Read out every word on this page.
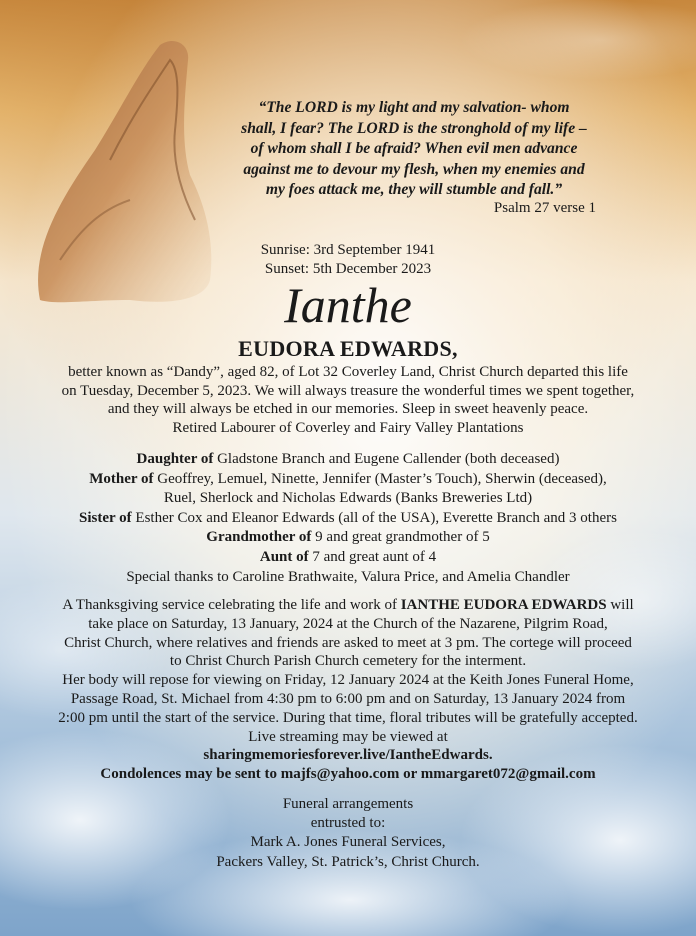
“The LORD is my light and my salvation- whom
shall, I fear? The LORD is the stronghold of my life –
of whom shall I be afraid? When evil men advance
against me to devour my flesh, when my enemies and
my foes attack me, they will stumble and fall.”
Psalm 27 verse 1
Sunrise: 3rd September 1941
Sunset: 5th December 2023
Ianthe
EUDORA EDWARDS,
better known as “Dandy”, aged 82, of Lot 32 Coverley Land, Christ Church departed this life
on Tuesday, December 5, 2023. We will always treasure the wonderful times we spent together,
and they will always be etched in our memories. Sleep in sweet heavenly peace.
Retired Labourer of Coverley and Fairy Valley Plantations
Daughter of Gladstone Branch and Eugene Callender (both deceased)
Mother of Geoffrey, Lemuel, Ninette, Jennifer (Master’s Touch), Sherwin (deceased),
Ruel, Sherlock and Nicholas Edwards (Banks Breweries Ltd)
Sister of Esther Cox and Eleanor Edwards (all of the USA), Everette Branch and 3 others
Grandmother of 9 and great grandmother of 5
Aunt of 7 and great aunt of 4
Special thanks to Caroline Brathwaite, Valura Price, and Amelia Chandler
A Thanksgiving service celebrating the life and work of IANTHE EUDORA EDWARDS will
take place on Saturday, 13 January, 2024 at the Church of the Nazarene, Pilgrim Road,
Christ Church, where relatives and friends are asked to meet at 3 pm. The cortege will proceed
to Christ Church Parish Church cemetery for the interment.
Her body will repose for viewing on Friday, 12 January 2024 at the Keith Jones Funeral Home,
Passage Road, St. Michael from 4:30 pm to 6:00 pm and on Saturday, 13 January 2024 from
2:00 pm until the start of the service. During that time, floral tributes will be gratefully accepted.
Live streaming may be viewed at
sharingmemoriesforever.live/IantheEdwards.
Condolences may be sent to majfs@yahoo.com or mmargaret072@gmail.com
Funeral arrangements
entrusted to:
Mark A. Jones Funeral Services,
Packers Valley, St. Patrick’s, Christ Church.
